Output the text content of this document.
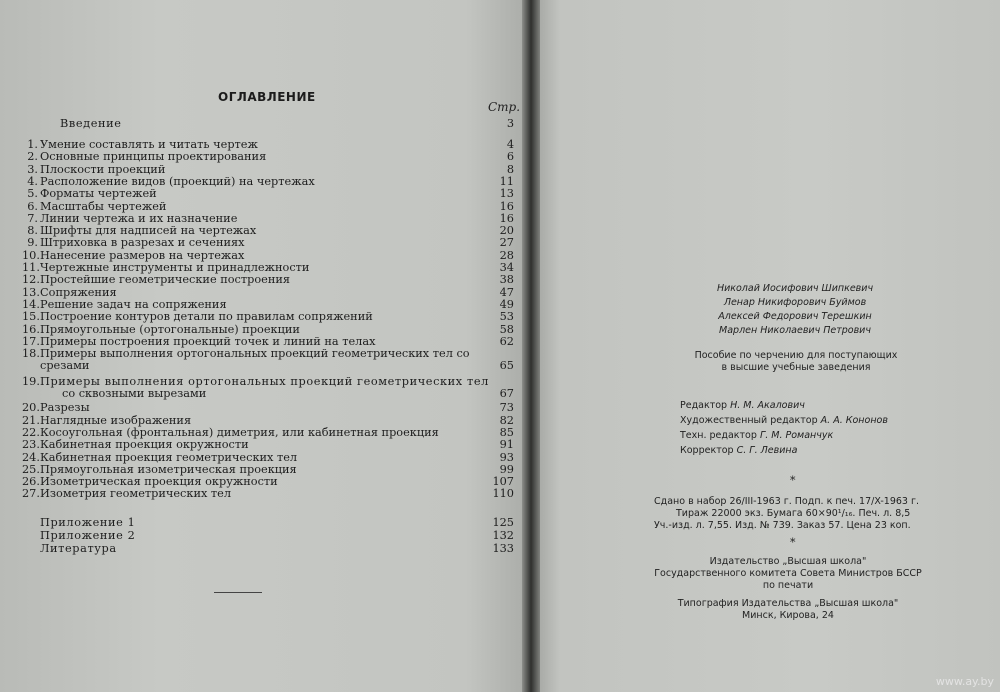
ОГЛАВЛЕНИЕ
Стр.
Введение	3
1. Умение составлять и читать чертеж	4
2. Основные принципы проектирования	6
3. Плоскости проекций	8
4. Расположение видов (проекций) на чертежах	11
5. Форматы чертежей	13
6. Масштабы чертежей	16
7. Линии чертежа и их назначение	16
8. Шрифты для надписей на чертежах	20
9. Штриховка в разрезах и сечениях	27
10. Нанесение размеров на чертежах	28
11. Чертежные инструменты и принадлежности	34
12. Простейшие геометрические построения	38
13. Сопряжения	47
14. Решение задач на сопряжения	49
15. Построение контуров детали по правилам сопряжений	53
16. Прямоугольные (ортогональные) проекции	58
17. Примеры построения проекций точек и линий на телах	62
18. Примеры выполнения ортогональных проекций геометрических тел со
срезами	65
19. Примеры выполнения ортогональных проекций геометрических тел
со сквозными вырезами	67
20. Разрезы	73
21. Наглядные изображения	82
22. Косоугольная (фронтальная) диметрия, или кабинетная проекция	85
23. Кабинетная проекция окружности	91
24. Кабинетная проекция геометрических тел	93
25. Прямоугольная изометрическая проекция	99
26. Изометрическая проекция окружности	107
27. Изометрия геометрических тел	110
Приложение 1	125
Приложение 2	132
Литература	133
Николай Иосифович Шипкевич
Ленар Никифорович Буймов
Алексей Федорович Терешкин
Марлен Николаевич Петрович
Пособие по черчению для поступающих
в высшие учебные заведения
Редактор Н. М. Акалович
Художественный редактор А. А. Кононов
Техн. редактор Г. М. Романчук
Корректор С. Г. Левина
*
Сдано в набор 26/III-1963 г. Подп. к печ. 17/X-1963 г.
Тираж 22000 экз. Бумага 60×90¹/₁₆. Печ. л. 8,5
Уч.-изд. л. 7,55. Изд. № 739. Заказ 57. Цена 23 коп.
*
Издательство „Высшая школа"
Государственного комитета Совета Министров БССР
по печати
Типография Издательства „Высшая школа"
Минск, Кирова, 24
www.ay.by
